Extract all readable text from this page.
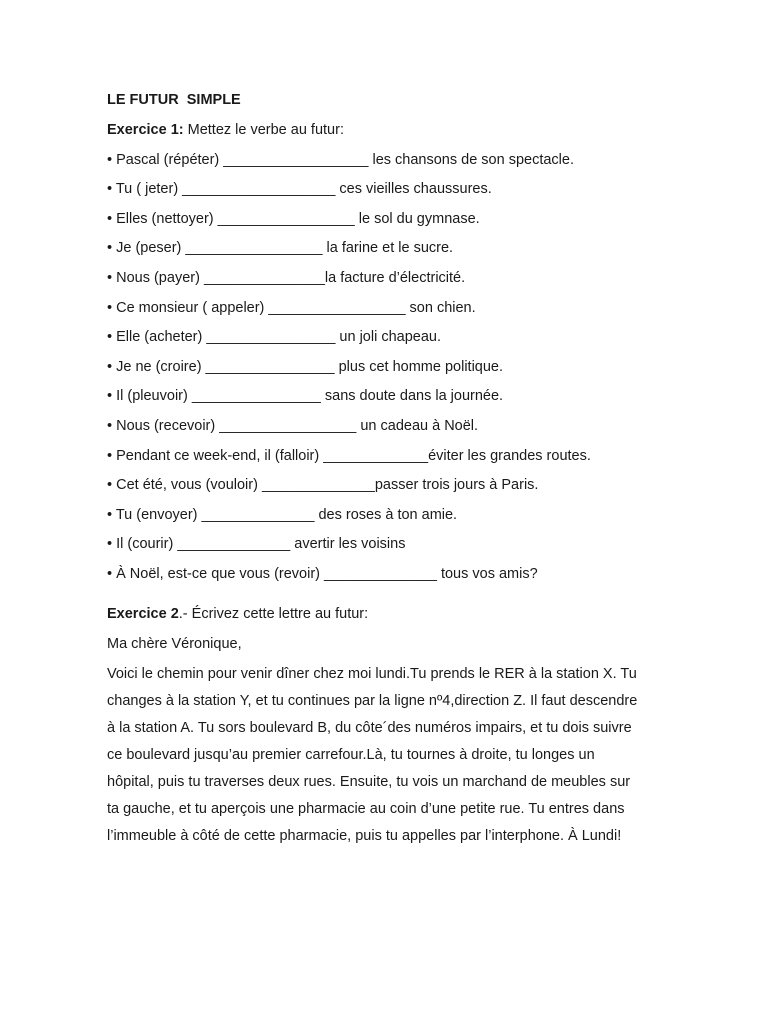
LE FUTUR  SIMPLE
Exercice 1: Mettez le verbe au futur:
• Pascal (répéter) __________________ les chansons de son spectacle.
• Tu ( jeter) ___________________ ces vieilles chaussures.
• Elles (nettoyer) _________________ le sol du gymnase.
• Je (peser) _________________ la farine et le sucre.
• Nous (payer) _______________la facture d’électricité.
• Ce monsieur ( appeler) _________________ son chien.
• Elle (acheter) ________________ un joli chapeau.
• Je ne (croire) ________________ plus cet homme politique.
• Il (pleuvoir) ________________ sans doute dans la journée.
• Nous (recevoir) _________________ un cadeau à Noël.
• Pendant ce week-end, il (falloir) _____________éviter les grandes routes.
• Cet été, vous (vouloir) ______________passer trois jours à Paris.
• Tu (envoyer) ______________ des roses à ton amie.
• Il (courir) ______________ avertir les voisins
• À Noël, est-ce que vous (revoir) ______________ tous vos amis?
Exercice 2.- Écrivez cette lettre au futur:
Ma chère Véronique,
Voici le chemin pour venir dîner chez moi lundi.Tu prends le RER à la station X. Tu
changes à la station Y, et tu continues par la ligne nº4,direction Z. Il faut descendre
à la station A. Tu sors boulevard B, du côte´des numéros impairs, et tu dois suivre
ce boulevard jusqu’au premier carrefour.Là, tu tournes à droite, tu longes un
hôpital, puis tu traverses deux rues. Ensuite, tu vois un marchand de meubles sur
ta gauche, et tu aperçois une pharmacie au coin d’une petite rue. Tu entres dans
l’immeuble à côté de cette pharmacie, puis tu appelles par l’interphone. À Lundi!
